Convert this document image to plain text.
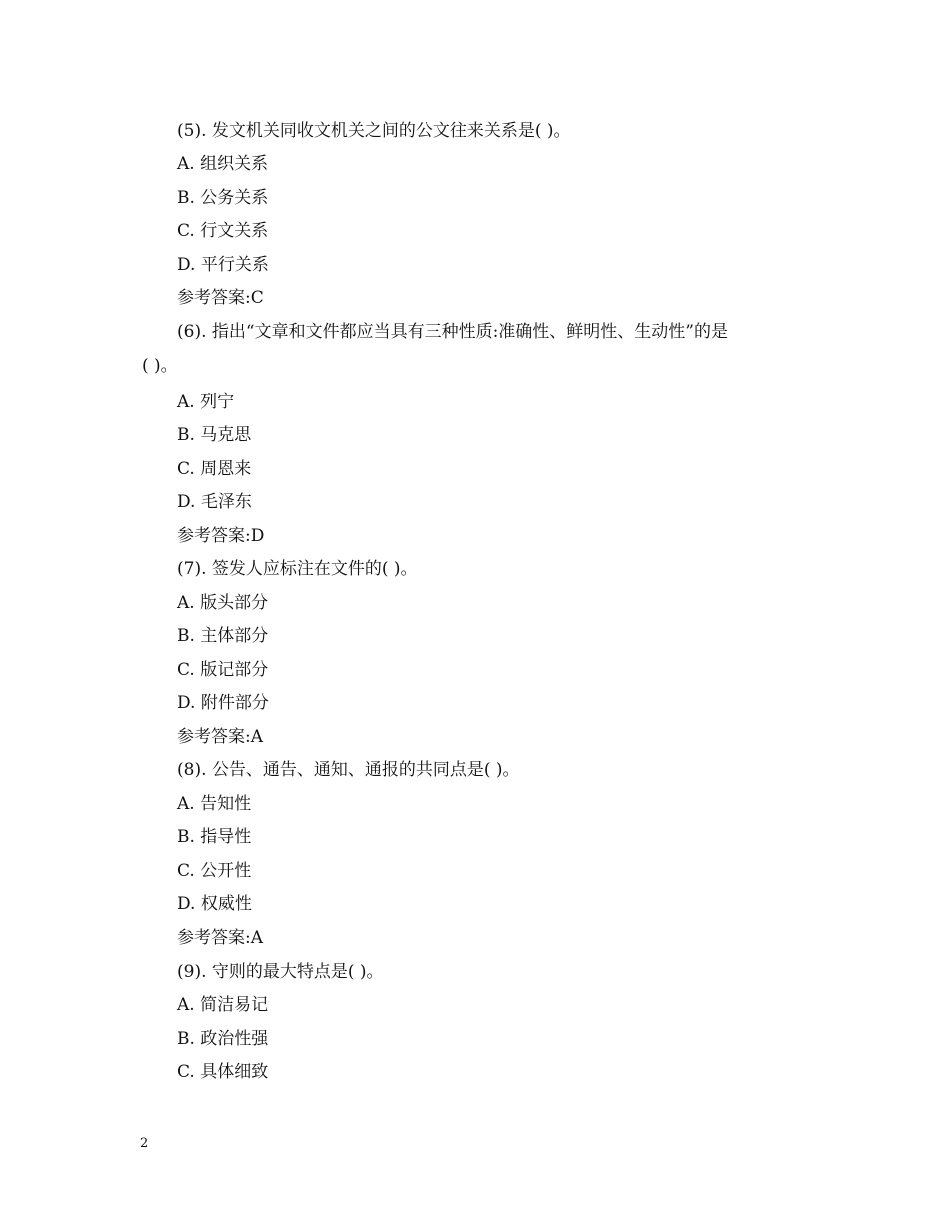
(5). 发文机关同收文机关之间的公文往来关系是( )。
A. 组织关系
B. 公务关系
C. 行文关系
D. 平行关系
参考答案:C
(6). 指出“文章和文件都应当具有三种性质:准确性、鲜明性、生动性”的是
( )。
A. 列宁
B. 马克思
C. 周恩来
D. 毛泽东
参考答案:D
(7). 签发人应标注在文件的( )。
A. 版头部分
B. 主体部分
C. 版记部分
D. 附件部分
参考答案:A
(8). 公告、通告、通知、通报的共同点是( )。
A. 告知性
B. 指导性
C. 公开性
D. 权威性
参考答案:A
(9). 守则的最大特点是( )。
A. 简洁易记
B. 政治性强
C. 具体细致
2
